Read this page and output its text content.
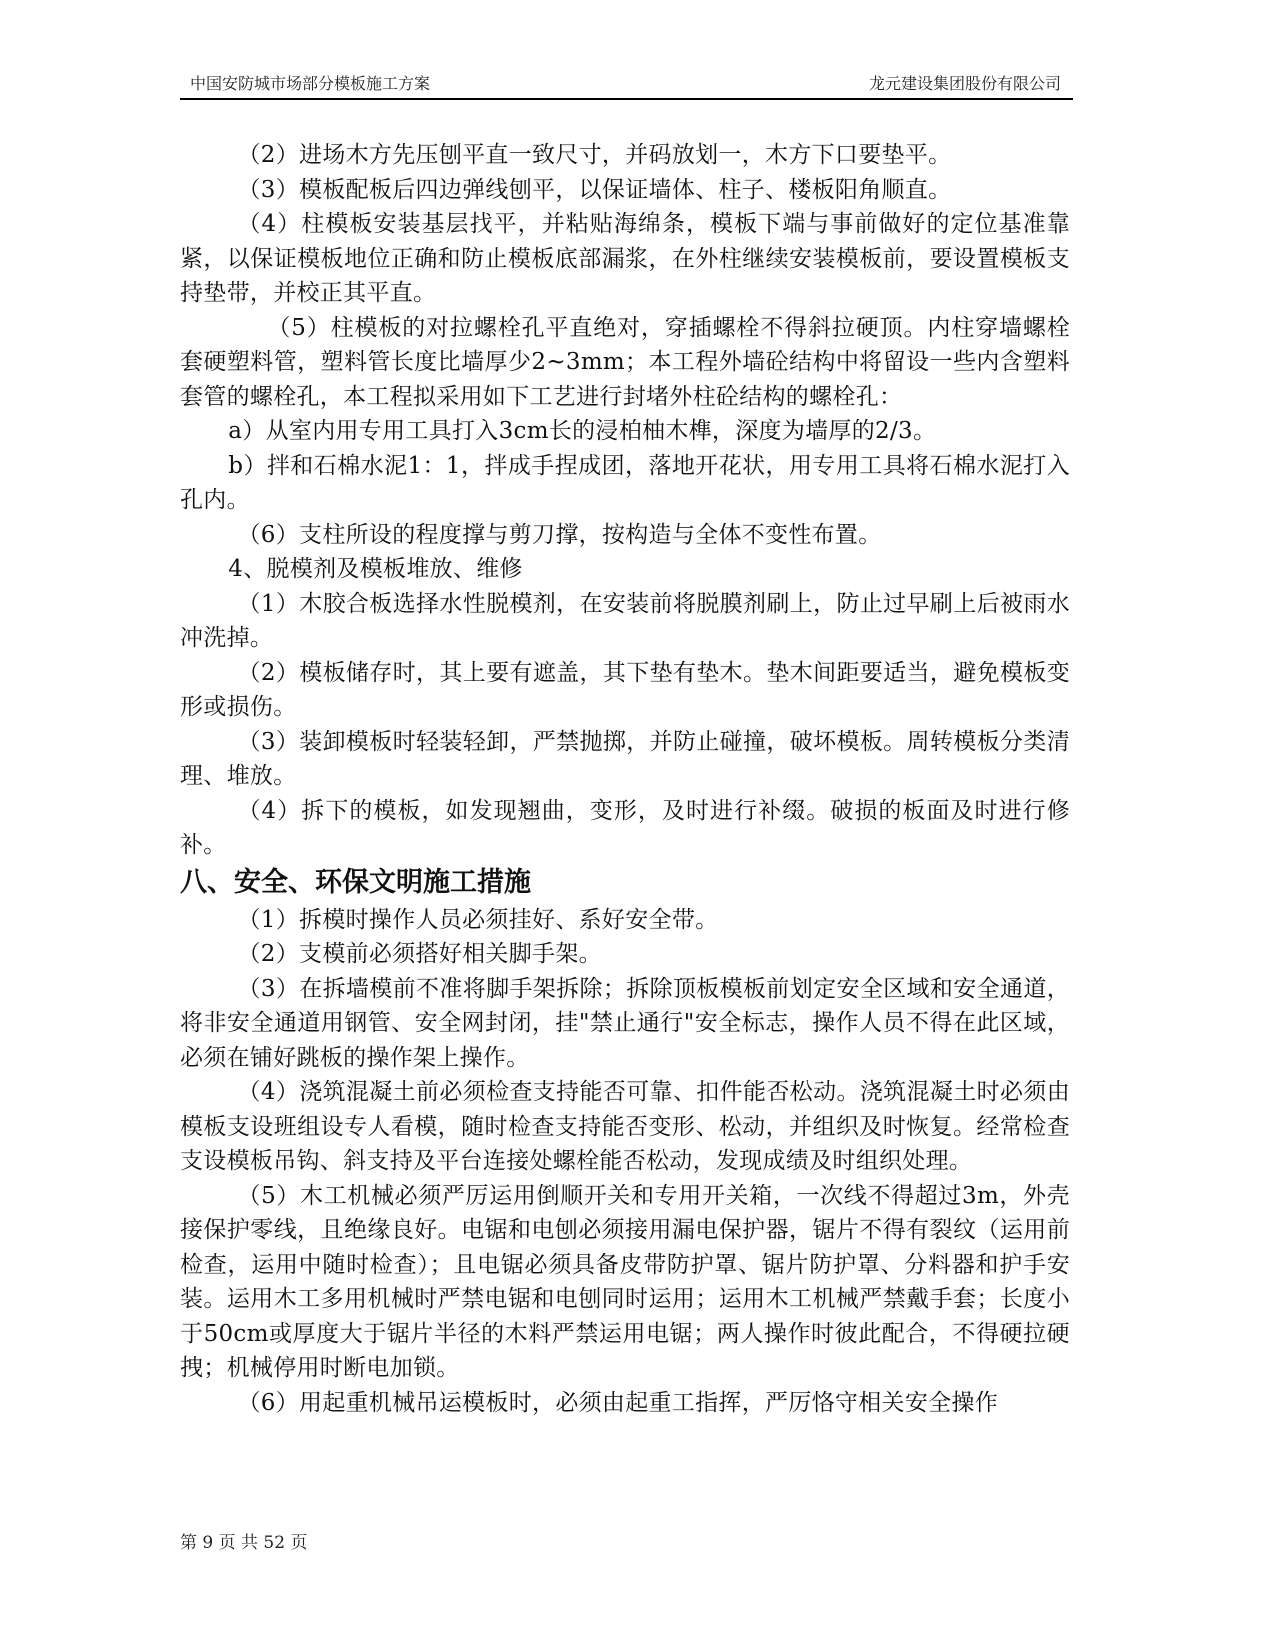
中国安防城市场部分模板施工方案	龙元建设集团股份有限公司

（2）进场木方先压刨平直一致尺寸，并码放划一，木方下口要垫平。

（3）模板配板后四边弹线刨平，以保证墙体、柱子、楼板阳角顺直。

（4）柱模板安装基层找平，并粘贴海绵条，模板下端与事前做好的定位基准靠紧，以保证模板地位正确和防止模板底部漏浆，在外柱继续安装模板前，要设置模板支持垫带，并校正其平直。

（5）柱模板的对拉螺栓孔平直绝对，穿插螺栓不得斜拉硬顶。内柱穿墙螺栓套硬塑料管，塑料管长度比墙厚少2~3mm；本工程外墙砼结构中将留设一些内含塑料套管的螺栓孔，本工程拟采用如下工艺进行封堵外柱砼结构的螺栓孔：

a）从室内用专用工具打入3cm长的浸柏柚木榫，深度为墙厚的2/3。

b）拌和石棉水泥1：1，拌成手捏成团，落地开花状，用专用工具将石棉水泥打入孔内。

（6）支柱所设的程度撑与剪刀撑，按构造与全体不变性布置。

4、脱模剂及模板堆放、维修

（1）木胶合板选择水性脱模剂，在安装前将脱膜剂刷上，防止过早刷上后被雨水冲洗掉。

（2）模板储存时，其上要有遮盖，其下垫有垫木。垫木间距要适当，避免模板变形或损伤。

（3）装卸模板时轻装轻卸，严禁抛掷，并防止碰撞，破坏模板。周转模板分类清理、堆放。

（4）拆下的模板，如发现翘曲，变形，及时进行补缀。破损的板面及时进行修补。

八、安全、环保文明施工措施

（1）拆模时操作人员必须挂好、系好安全带。

（2）支模前必须搭好相关脚手架。

（3）在拆墙模前不准将脚手架拆除；拆除顶板模板前划定安全区域和安全通道，将非安全通道用钢管、安全网封闭，挂"禁止通行"安全标志，操作人员不得在此区域，必须在铺好跳板的操作架上操作。

（4）浇筑混凝土前必须检查支持能否可靠、扣件能否松动。浇筑混凝土时必须由模板支设班组设专人看模，随时检查支持能否变形、松动，并组织及时恢复。经常检查支设模板吊钩、斜支持及平台连接处螺栓能否松动，发现成绩及时组织处理。

（5）木工机械必须严厉运用倒顺开关和专用开关箱，一次线不得超过3m，外壳接保护零线，且绝缘良好。电锯和电刨必须接用漏电保护器，锯片不得有裂纹（运用前检查，运用中随时检查）；且电锯必须具备皮带防护罩、锯片防护罩、分料器和护手安装。运用木工多用机械时严禁电锯和电刨同时运用；运用木工机械严禁戴手套；长度小于50cm或厚度大于锯片半径的木料严禁运用电锯；两人操作时彼此配合，不得硬拉硬拽；机械停用时断电加锁。

（6）用起重机械吊运模板时，必须由起重工指挥，严厉恪守相关安全操作

第 9 页 共 52 页
